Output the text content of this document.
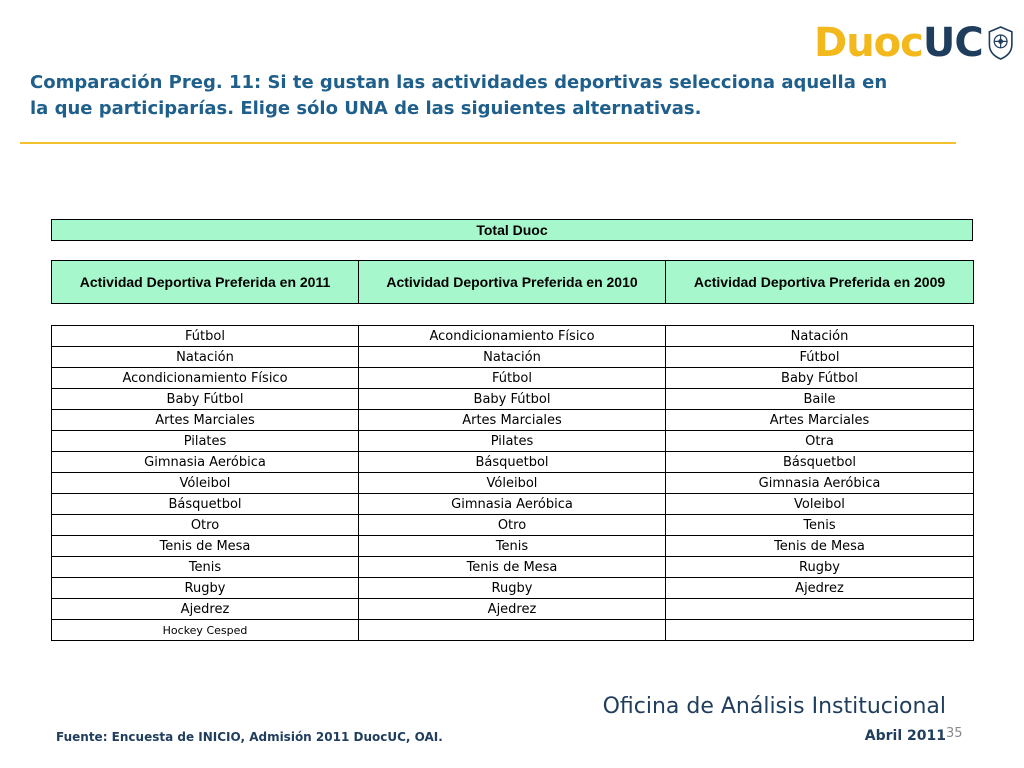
Comparación Preg. 11: Si te gustan las actividades deportivas selecciona aquella en la que participarías. Elige sólo UNA de las siguientes alternativas.
DuocUC
Total Duoc
Actividad Deportiva Preferida en 2011	Actividad Deportiva Preferida en 2010	Actividad Deportiva Preferida en 2009
Fútbol	Acondicionamiento Físico	Natación
Natación	Natación	Fútbol
Acondicionamiento Físico	Fútbol	Baby Fútbol
Baby Fútbol	Baby Fútbol	Baile
Artes Marciales	Artes Marciales	Artes Marciales
Pilates	Pilates	Otra
Gimnasia Aeróbica	Básquetbol	Básquetbol
Vóleibol	Vóleibol	Gimnasia Aeróbica
Básquetbol	Gimnasia Aeróbica	Voleibol
Otro	Otro	Tenis
Tenis de Mesa	Tenis	Tenis de Mesa
Tenis	Tenis de Mesa	Rugby
Rugby	Rugby	Ajedrez
Ajedrez	Ajedrez	
Hockey Cesped		
Fuente: Encuesta de INICIO, Admisión 2011 DuocUC, OAI.
Oficina de Análisis Institucional
Abril 2011 35
